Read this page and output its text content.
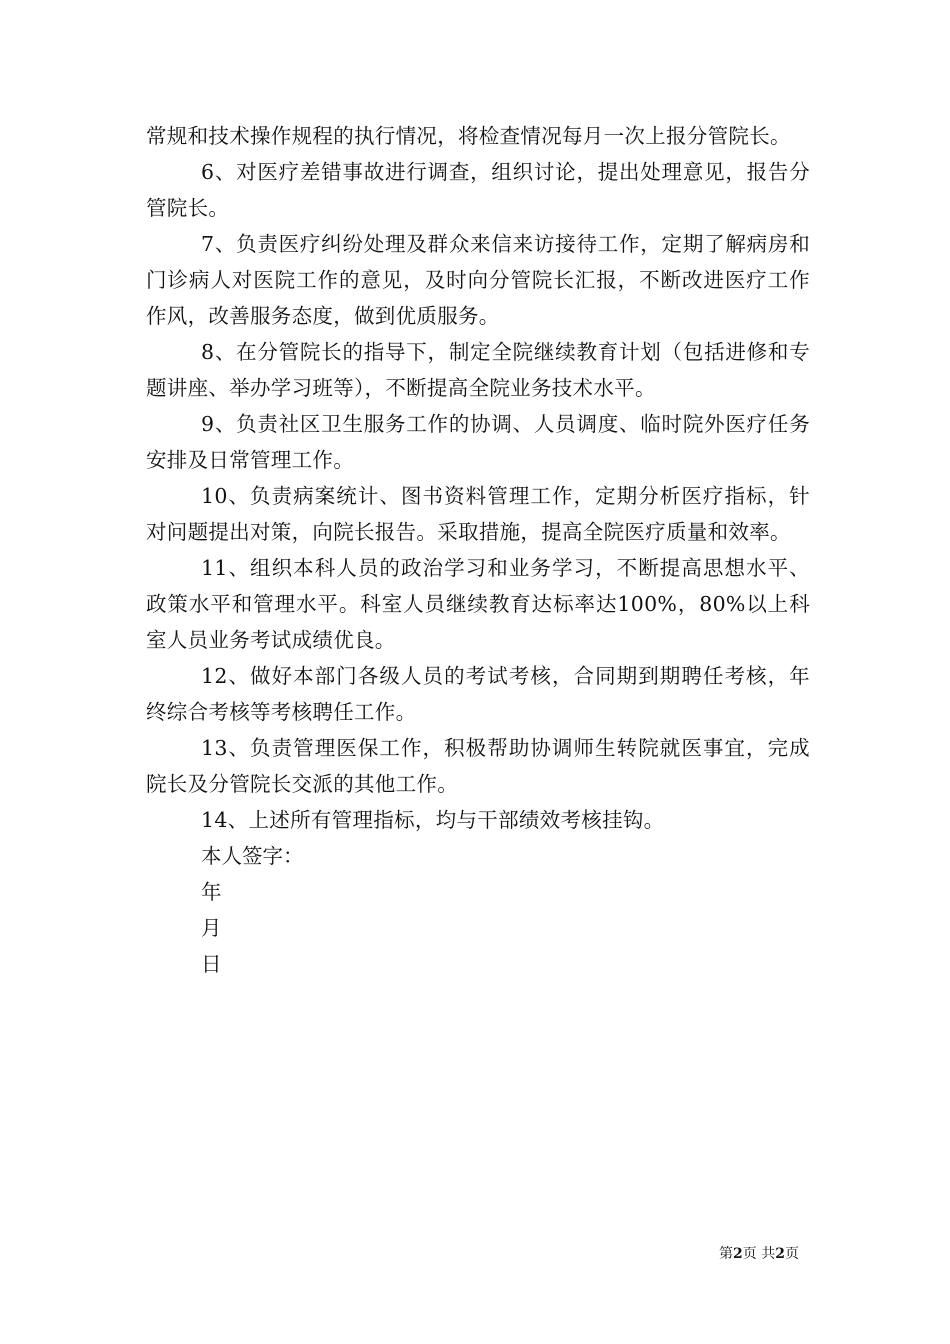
常规和技术操作规程的执行情况，将检查情况每月一次上报分管院长。

6、对医疗差错事故进行调查，组织讨论，提出处理意见，报告分管院长。

7、负责医疗纠纷处理及群众来信来访接待工作，定期了解病房和门诊病人对医院工作的意见，及时向分管院长汇报，不断改进医疗工作作风，改善服务态度，做到优质服务。

8、在分管院长的指导下，制定全院继续教育计划（包括进修和专题讲座、举办学习班等），不断提高全院业务技术水平。

9、负责社区卫生服务工作的协调、人员调度、临时院外医疗任务安排及日常管理工作。

10、负责病案统计、图书资料管理工作，定期分析医疗指标，针对问题提出对策，向院长报告。采取措施，提高全院医疗质量和效率。

11、组织本科人员的政治学习和业务学习，不断提高思想水平、政策水平和管理水平。科室人员继续教育达标率达100%，80%以上科室人员业务考试成绩优良。

12、做好本部门各级人员的考试考核，合同期到期聘任考核，年终综合考核等考核聘任工作。

13、负责管理医保工作，积极帮助协调师生转院就医事宜，完成院长及分管院长交派的其他工作。

14、上述所有管理指标，均与干部绩效考核挂钩。

本人签字：

年

月

日

第2页 共2页
